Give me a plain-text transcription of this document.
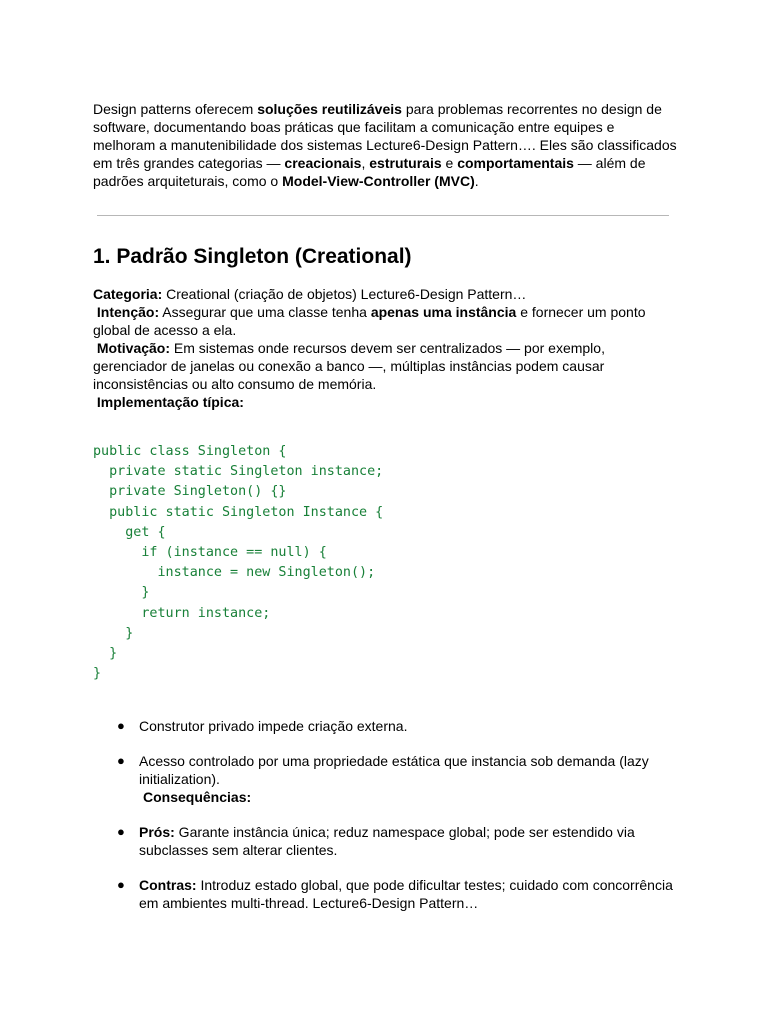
Design patterns oferecem soluções reutilizáveis para problemas recorrentes no design de software, documentando boas práticas que facilitam a comunicação entre equipes e melhoram a manutenibilidade dos sistemas Lecture6-Design Pattern…. Eles são classificados em três grandes categorias — creacionais, estruturais e comportamentais — além de padrões arquiteturais, como o Model‑View‑Controller (MVC).

1. Padrão Singleton (Creational)

Categoria: Creational (criação de objetos) Lecture6-Design Pattern…

Intenção: Assegurar que uma classe tenha apenas uma instância e fornecer um ponto global de acesso a ela.

Motivação: Em sistemas onde recursos devem ser centralizados — por exemplo, gerenciador de janelas ou conexão a banco —, múltiplas instâncias podem causar inconsistências ou alto consumo de memória.

Implementação típica:

public class Singleton {
private static Singleton instance;
private Singleton() {}
public static Singleton Instance {
get {
if (instance == null) {
instance = new Singleton();
}
return instance;
}
}
}
● Construtor privado impede criação externa.
● Acesso controlado por uma propriedade estática que instancia sob demanda (lazy initialization).
Consequências:
● Prós: Garante instância única; reduz namespace global; pode ser estendido via subclasses sem alterar clientes.
● Contras: Introduz estado global, que pode dificultar testes; cuidado com concorrência em ambientes multi-thread. Lecture6-Design Pattern…
